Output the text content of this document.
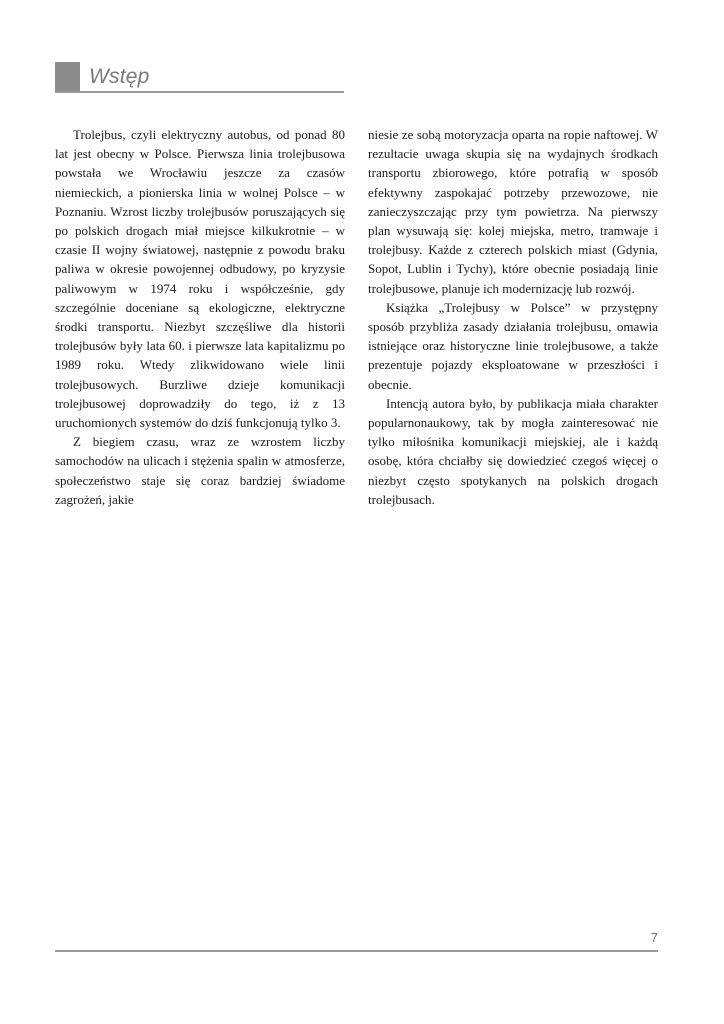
Wstęp

Trolejbus, czyli elektryczny autobus, od ponad 80 lat jest obecny w Polsce. Pierwsza linia trolejbusowa powstała we Wrocławiu jeszcze za czasów niemieckich, a pionierska linia w wolnej Polsce – w Poznaniu. Wzrost liczby trolejbusów poruszających się po polskich drogach miał miejsce kilkukrotnie – w czasie II wojny światowej, następnie z powodu braku paliwa w okresie powojennej odbudowy, po kryzysie paliwowym w 1974 roku i współcześnie, gdy szczególnie doceniane są ekologiczne, elektryczne środki transportu. Niezbyt szczęśliwe dla historii trolejbusów były lata 60. i pierwsze lata kapitalizmu po 1989 roku. Wtedy zlikwidowano wiele linii trolejbusowych. Burzliwe dzieje komunikacji trolejbusowej doprowadziły do tego, iż z 13 uruchomionych systemów do dziś funkcjonują tylko 3.

Z biegiem czasu, wraz ze wzrostem liczby samochodów na ulicach i stężenia spalin w atmosferze, społeczeństwo staje się coraz bardziej świadome zagrożeń, jakie

niesie ze sobą motoryzacja oparta na ropie naftowej. W rezultacie uwaga skupia się na wydajnych środkach transportu zbiorowego, które potrafią w sposób efektywny zaspokajać potrzeby przewozowe, nie zanieczyszczając przy tym powietrza. Na pierwszy plan wysuwają się: kolej miejska, metro, tramwaje i trolejbusy. Każde z czterech polskich miast (Gdynia, Sopot, Lublin i Tychy), które obecnie posiadają linie trolejbusowe, planuje ich modernizację lub rozwój.

Książka „Trolejbusy w Polsce” w przystępny sposób przybliża zasady działania trolejbusu, omawia istniejące oraz historyczne linie trolejbusowe, a także prezentuje pojazdy eksploatowane w przeszłości i obecnie.

Intencją autora było, by publikacja miała charakter popularnonaukowy, tak by mogła zainteresować nie tylko miłośnika komunikacji miejskiej, ale i każdą osobę, która chciałby się dowiedzieć czegoś więcej o niezbyt często spotykanych na polskich drogach trolejbusach.

7
